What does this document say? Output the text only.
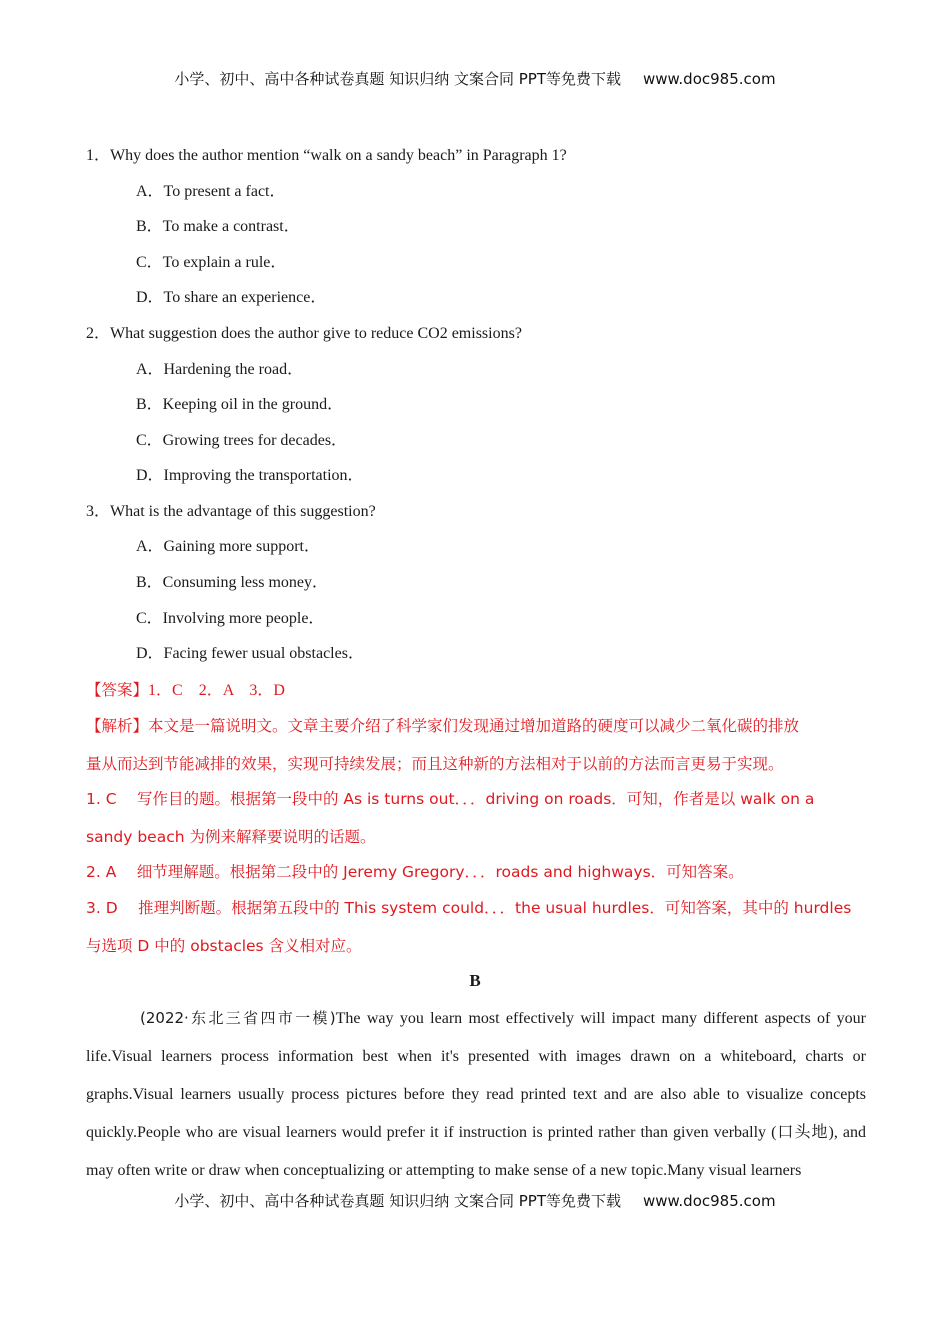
小学、初中、高中各种试卷真题 知识归纳 文案合同 PPT等免费下载 www.doc985.com
1．Why does the author mention “walk on a sandy beach” in Paragraph 1?
A．To present a fact．
B．To make a contrast．
C．To explain a rule．
D．To share an experience．
2．What suggestion does the author give to reduce CO2 emissions?
A．Hardening the road．
B．Keeping oil in the ground．
C．Growing trees for decades．
D．Improving the transportation．
3．What is the advantage of this suggestion?
A．Gaining more support．
B．Consuming less money．
C．Involving more people．
D．Facing fewer usual obstacles．
【答案】1．C　2．A　3．D
【解析】本文是一篇说明文。文章主要介绍了科学家们发现通过增加道路的硬度可以减少二氧化碳的排放
量从而达到节能减排的效果，实现可持续发展；而且这种新的方法相对于以前的方法而言更易于实现。
1. C　 写作目的题。根据第一段中的 As is turns out．．．driving on roads．可知，作者是以 walk on a
sandy beach 为例来解释要说明的话题。
2. A　 细节理解题。根据第二段中的 Jeremy Gregory．．．roads and highways．可知答案。
3. D　 推理判断题。根据第五段中的 This system could．．．the usual hurdles．可知答案，其中的 hurdles
与选项 D 中的 obstacles 含义相对应。
B
(2022·东北三省四市一模)The way you learn most effectively will impact many different aspects of your life.Visual learners process information best when it's presented with images drawn on a whiteboard, charts or graphs.Visual learners usually process pictures before they read printed text and are also able to visualize concepts quickly.People who are visual learners would prefer it if instruction is printed rather than given verbally (口头地), and may often write or draw when conceptualizing or attempting to make sense of a new topic.Many visual learners
小学、初中、高中各种试卷真题 知识归纳 文案合同 PPT等免费下载 www.doc985.com
